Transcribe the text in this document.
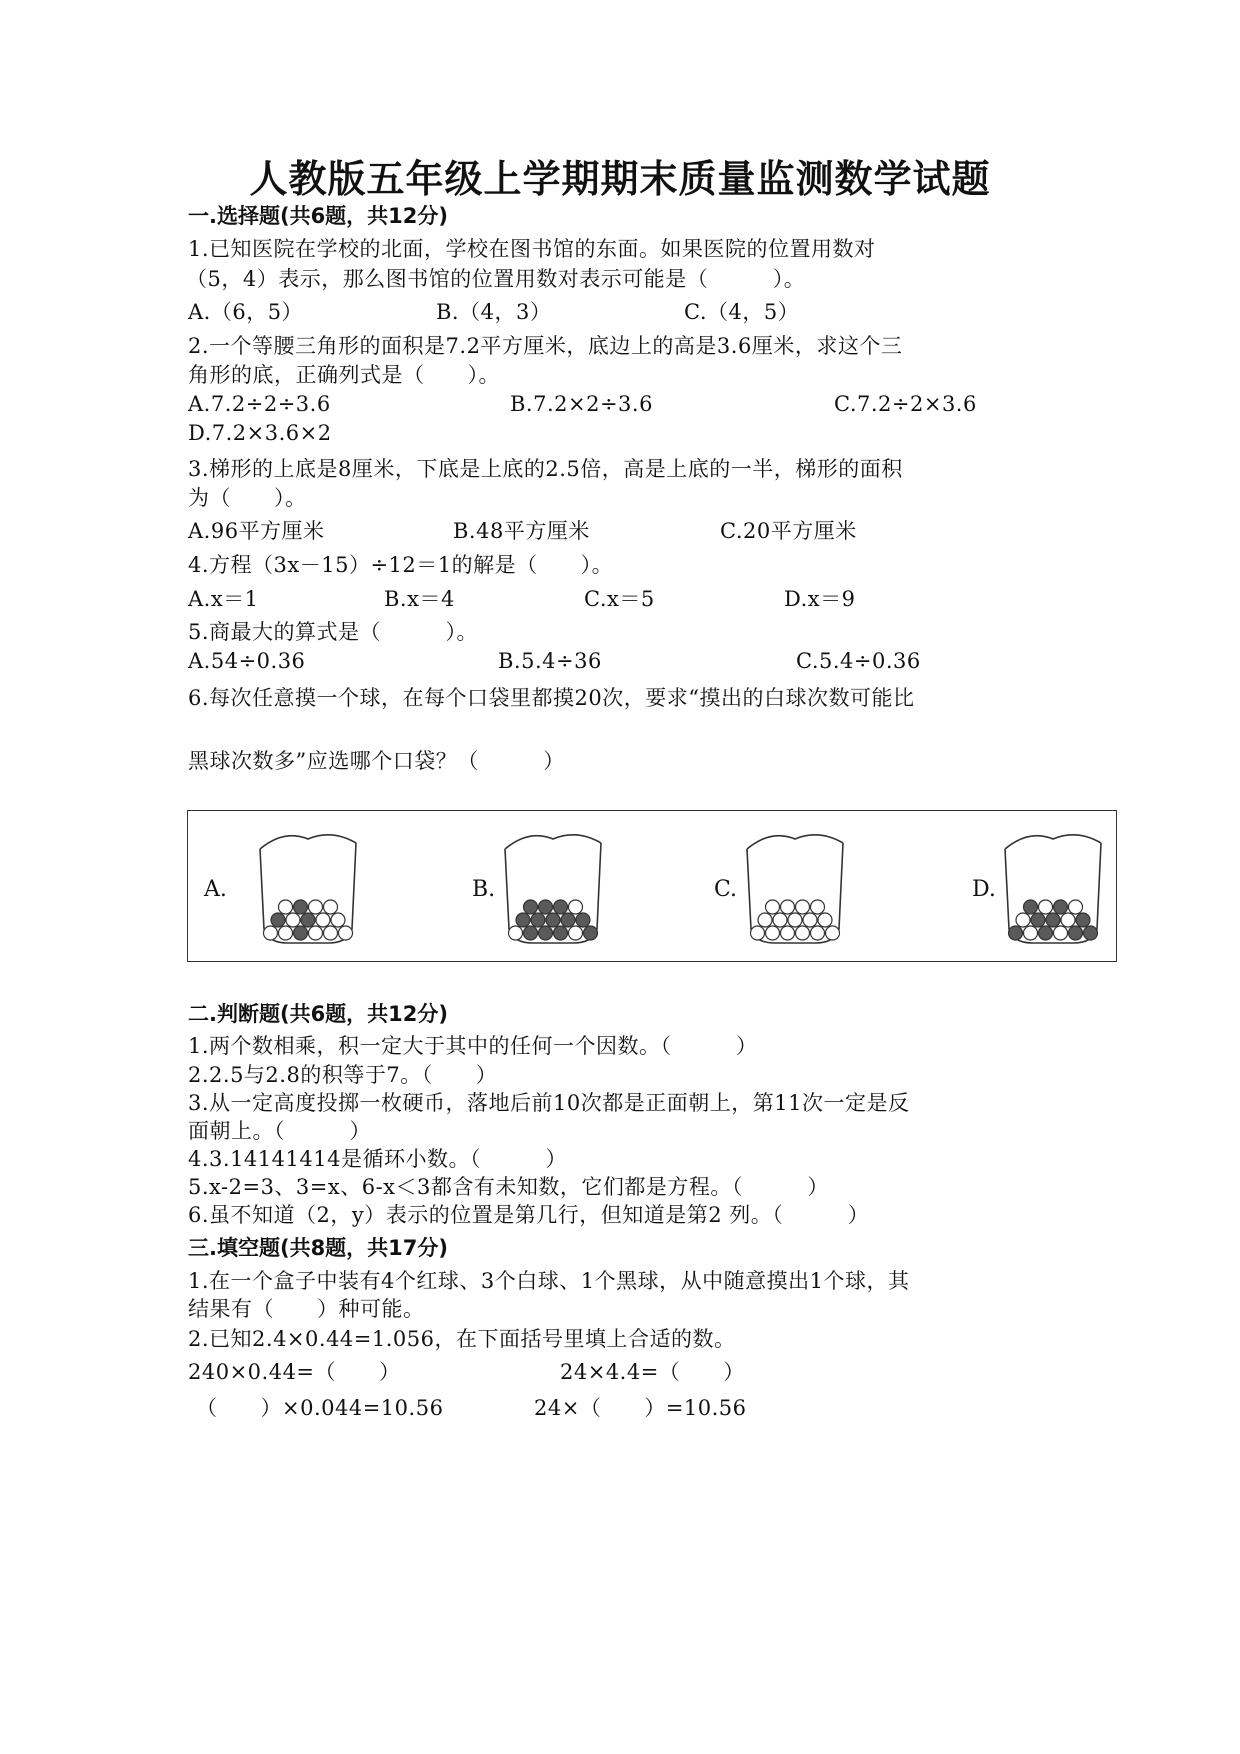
人教版五年级上学期期末质量监测数学试题
一.选择题(共6题，共12分)
1.已知医院在学校的北面，学校在图书馆的东面。如果医院的位置用数对
（5，4）表示，那么图书馆的位置用数对表示可能是（　　　）。
A.（6，5）	B.（4，3）	C.（4，5）
2.一个等腰三角形的面积是7.2平方厘米，底边上的高是3.6厘米，求这个三
角形的底，正确列式是（　　）。
A.7.2÷2÷3.6	B.7.2×2÷3.6	C.7.2÷2×3.6
D.7.2×3.6×2
3.梯形的上底是8厘米，下底是上底的2.5倍，高是上底的一半，梯形的面积
为（　　）。
A.96平方厘米	B.48平方厘米	C.20平方厘米
4.方程（3x－15）÷12＝1的解是（　　）。
A.x＝1	B.x＝4	C.x＝5	D.x＝9
5.商最大的算式是（　　　）。
A.54÷0.36	B.5.4÷36	C.5.4÷0.36
6.每次任意摸一个球，在每个口袋里都摸20次，要求“摸出的白球次数可能比
黑球次数多”应选哪个口袋？（　　　）
A.	B.	C.	D.
二.判断题(共6题，共12分)
1.两个数相乘，积一定大于其中的任何一个因数。（　　　）
2.2.5与2.8的积等于7。（　　）
3.从一定高度投掷一枚硬币，落地后前10次都是正面朝上，第11次一定是反
面朝上。（　　　）
4.3.14141414是循环小数。（　　　）
5.x-2=3、3=x、6-x＜3都含有未知数，它们都是方程。（　　　）
6.虽不知道（2，y）表示的位置是第几行，但知道是第2 列。（　　　）
三.填空题(共8题，共17分)
1.在一个盒子中装有4个红球、3个白球、1个黑球，从中随意摸出1个球，其
结果有（　　）种可能。
2.已知2.4×0.44=1.056，在下面括号里填上合适的数。
240×0.44=（　　）	24×4.4=（　　）
（　　）×0.044=10.56	24×（　　）=10.56
